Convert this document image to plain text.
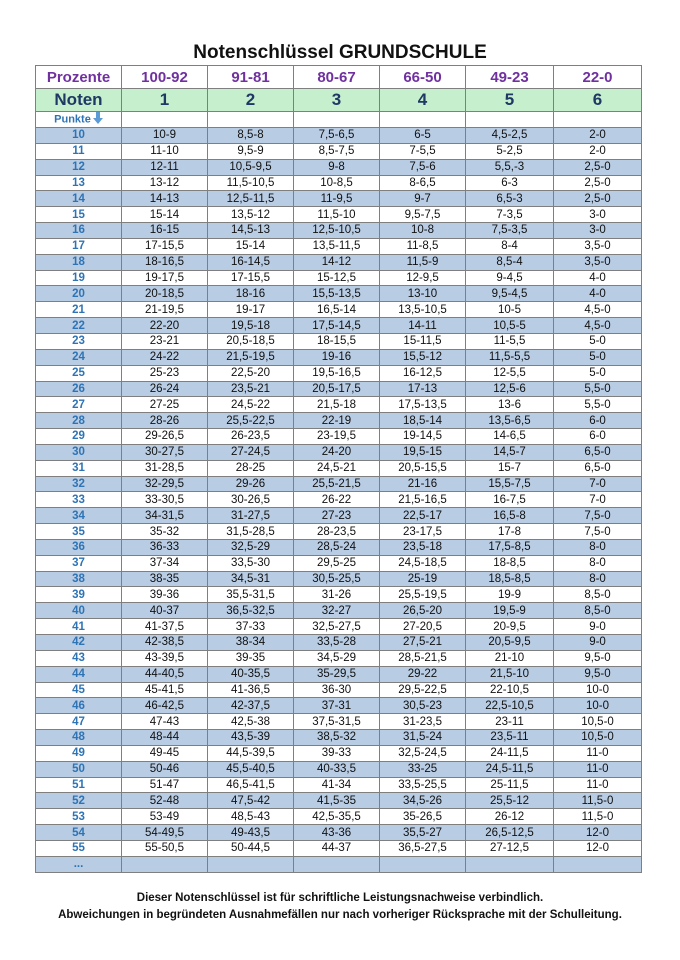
Notenschlüssel GRUNDSCHULE
Prozente	100-92	91-81	80-67	66-50	49-23	22-0
Noten	1	2	3	4	5	6
Punkte						
10	10-9	8,5-8	7,5-6,5	6-5	4,5-2,5	2-0
11	11-10	9,5-9	8,5-7,5	7-5,5	5-2,5	2-0
12	12-11	10,5-9,5	9-8	7,5-6	5,5,-3	2,5-0
13	13-12	11,5-10,5	10-8,5	8-6,5	6-3	2,5-0
14	14-13	12,5-11,5	11-9,5	9-7	6,5-3	2,5-0
15	15-14	13,5-12	11,5-10	9,5-7,5	7-3,5	3-0
16	16-15	14,5-13	12,5-10,5	10-8	7,5-3,5	3-0
17	17-15,5	15-14	13,5-11,5	11-8,5	8-4	3,5-0
18	18-16,5	16-14,5	14-12	11,5-9	8,5-4	3,5-0
19	19-17,5	17-15,5	15-12,5	12-9,5	9-4,5	4-0
20	20-18,5	18-16	15,5-13,5	13-10	9,5-4,5	4-0
21	21-19,5	19-17	16,5-14	13,5-10,5	10-5	4,5-0
22	22-20	19,5-18	17,5-14,5	14-11	10,5-5	4,5-0
23	23-21	20,5-18,5	18-15,5	15-11,5	11-5,5	5-0
24	24-22	21,5-19,5	19-16	15,5-12	11,5-5,5	5-0
25	25-23	22,5-20	19,5-16,5	16-12,5	12-5,5	5-0
26	26-24	23,5-21	20,5-17,5	17-13	12,5-6	5,5-0
27	27-25	24,5-22	21,5-18	17,5-13,5	13-6	5,5-0
28	28-26	25,5-22,5	22-19	18,5-14	13,5-6,5	6-0
29	29-26,5	26-23,5	23-19,5	19-14,5	14-6,5	6-0
30	30-27,5	27-24,5	24-20	19,5-15	14,5-7	6,5-0
31	31-28,5	28-25	24,5-21	20,5-15,5	15-7	6,5-0
32	32-29,5	29-26	25,5-21,5	21-16	15,5-7,5	7-0
33	33-30,5	30-26,5	26-22	21,5-16,5	16-7,5	7-0
34	34-31,5	31-27,5	27-23	22,5-17	16,5-8	7,5-0
35	35-32	31,5-28,5	28-23,5	23-17,5	17-8	7,5-0
36	36-33	32,5-29	28,5-24	23,5-18	17,5-8,5	8-0
37	37-34	33,5-30	29,5-25	24,5-18,5	18-8,5	8-0
38	38-35	34,5-31	30,5-25,5	25-19	18,5-8,5	8-0
39	39-36	35,5-31,5	31-26	25,5-19,5	19-9	8,5-0
40	40-37	36,5-32,5	32-27	26,5-20	19,5-9	8,5-0
41	41-37,5	37-33	32,5-27,5	27-20,5	20-9,5	9-0
42	42-38,5	38-34	33,5-28	27,5-21	20,5-9,5	9-0
43	43-39,5	39-35	34,5-29	28,5-21,5	21-10	9,5-0
44	44-40,5	40-35,5	35-29,5	29-22	21,5-10	9,5-0
45	45-41,5	41-36,5	36-30	29,5-22,5	22-10,5	10-0
46	46-42,5	42-37,5	37-31	30,5-23	22,5-10,5	10-0
47	47-43	42,5-38	37,5-31,5	31-23,5	23-11	10,5-0
48	48-44	43,5-39	38,5-32	31,5-24	23,5-11	10,5-0
49	49-45	44,5-39,5	39-33	32,5-24,5	24-11,5	11-0
50	50-46	45,5-40,5	40-33,5	33-25	24,5-11,5	11-0
51	51-47	46,5-41,5	41-34	33,5-25,5	25-11,5	11-0
52	52-48	47,5-42	41,5-35	34,5-26	25,5-12	11,5-0
53	53-49	48,5-43	42,5-35,5	35-26,5	26-12	11,5-0
54	54-49,5	49-43,5	43-36	35,5-27	26,5-12,5	12-0
55	55-50,5	50-44,5	44-37	36,5-27,5	27-12,5	12-0
...						
Dieser Notenschlüssel ist für schriftliche Leistungsnachweise verbindlich.
Abweichungen in begründeten Ausnahmefällen nur nach vorheriger Rücksprache mit der Schulleitung.
